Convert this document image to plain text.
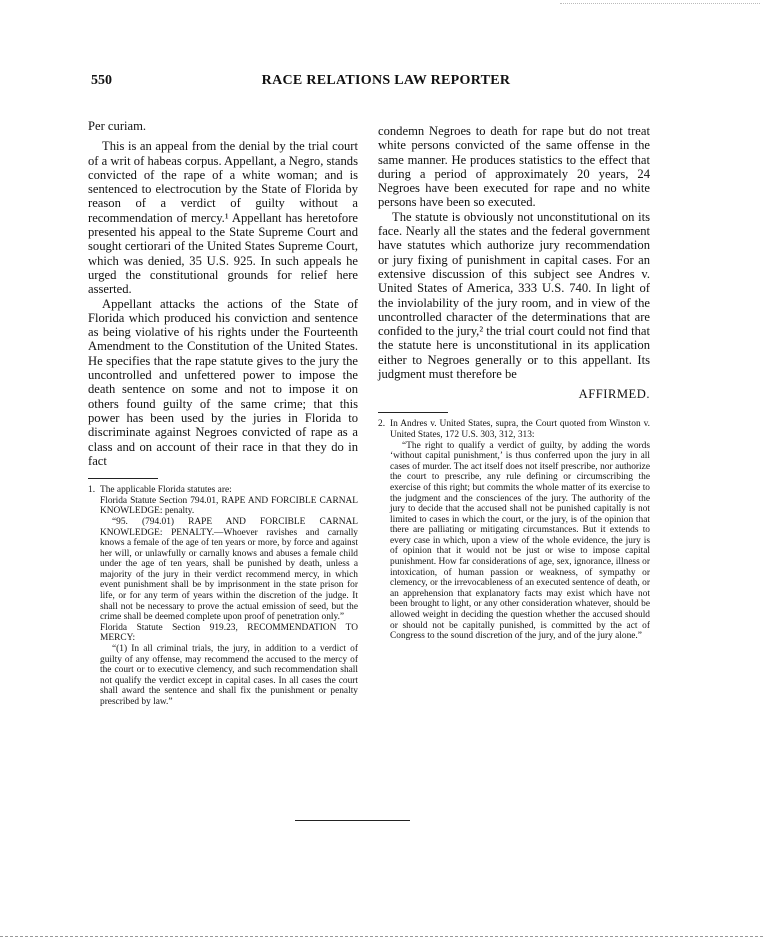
550	RACE RELATIONS LAW REPORTER

Per curiam.

This is an appeal from the denial by the trial court of a writ of habeas corpus. Appellant, a Negro, stands convicted of the rape of a white woman; and is sentenced to electrocution by the State of Florida by reason of a verdict of guilty without a recommendation of mercy.¹ Appellant has heretofore presented his appeal to the State Supreme Court and sought certiorari of the United States Supreme Court, which was denied, 35 U.S. 925. In such appeals he urged the constitutional grounds for relief here asserted.

Appellant attacks the actions of the State of Florida which produced his conviction and sentence as being violative of his rights under the Fourteenth Amendment to the Constitution of the United States. He specifies that the rape statute gives to the jury the uncontrolled and unfettered power to impose the death sentence on some and not to impose it on others found guilty of the same crime; that this power has been used by the juries in Florida to discriminate against Negroes convicted of rape as a class and on account of their race in that they do in fact

1. The applicable Florida statutes are:

Florida Statute Section 794.01, RAPE AND FORCIBLE CARNAL KNOWLEDGE: penalty.

“95. (794.01) RAPE AND FORCIBLE CARNAL KNOWLEDGE: PENALTY.—Whoever ravishes and carnally knows a female of the age of ten years or more, by force and against her will, or unlawfully or carnally knows and abuses a female child under the age of ten years, shall be punished by death, unless a majority of the jury in their verdict recommend mercy, in which event punishment shall be by imprisonment in the state prison for life, or for any term of years within the discretion of the judge. It shall not be necessary to prove the actual emission of seed, but the crime shall be deemed complete upon proof of penetration only.”

Florida Statute Section 919.23, RECOMMENDATION TO MERCY:

“(1) In all criminal trials, the jury, in addition to a verdict of guilty of any offense, may recommend the accused to the mercy of the court or to executive clemency, and such recommendation shall not qualify the verdict except in capital cases. In all cases the court shall award the sentence and shall fix the punishment or penalty prescribed by law.”

condemn Negroes to death for rape but do not treat white persons convicted of the same offense in the same manner. He produces statistics to the effect that during a period of approximately 20 years, 24 Negroes have been executed for rape and no white persons have been so executed.

The statute is obviously not unconstitutional on its face. Nearly all the states and the federal government have statutes which authorize jury recommendation or jury fixing of punishment in capital cases. For an extensive discussion of this subject see Andres v. United States of America, 333 U.S. 740. In light of the inviolability of the jury room, and in view of the uncontrolled character of the determinations that are confided to the jury,² the trial court could not find that the statute here is unconstitutional in its application either to Negroes generally or to this appellant. Its judgment must therefore be

AFFIRMED.

2. In Andres v. United States, supra, the Court quoted from Winston v. United States, 172 U.S. 303, 312, 313:

“The right to qualify a verdict of guilty, by adding the words ‘without capital punishment,’ is thus conferred upon the jury in all cases of murder. The act itself does not itself prescribe, nor authorize the court to prescribe, any rule defining or circumscribing the exercise of this right; but commits the whole matter of its exercise to the judgment and the consciences of the jury. The authority of the jury to decide that the accused shall not be punished capitally is not limited to cases in which the court, or the jury, is of the opinion that there are palliating or mitigating circumstances. But it extends to every case in which, upon a view of the whole evidence, the jury is of opinion that it would not be just or wise to impose capital punishment. How far considerations of age, sex, ignorance, illness or intoxication, of human passion or weakness, of sympathy or clemency, or the irrevocableness of an executed sentence of death, or an apprehension that explanatory facts may exist which have not been brought to light, or any other consideration whatever, should be allowed weight in deciding the question whether the accused should or should not be capitally punished, is committed by the act of Congress to the sound discretion of the jury, and of the jury alone.”
